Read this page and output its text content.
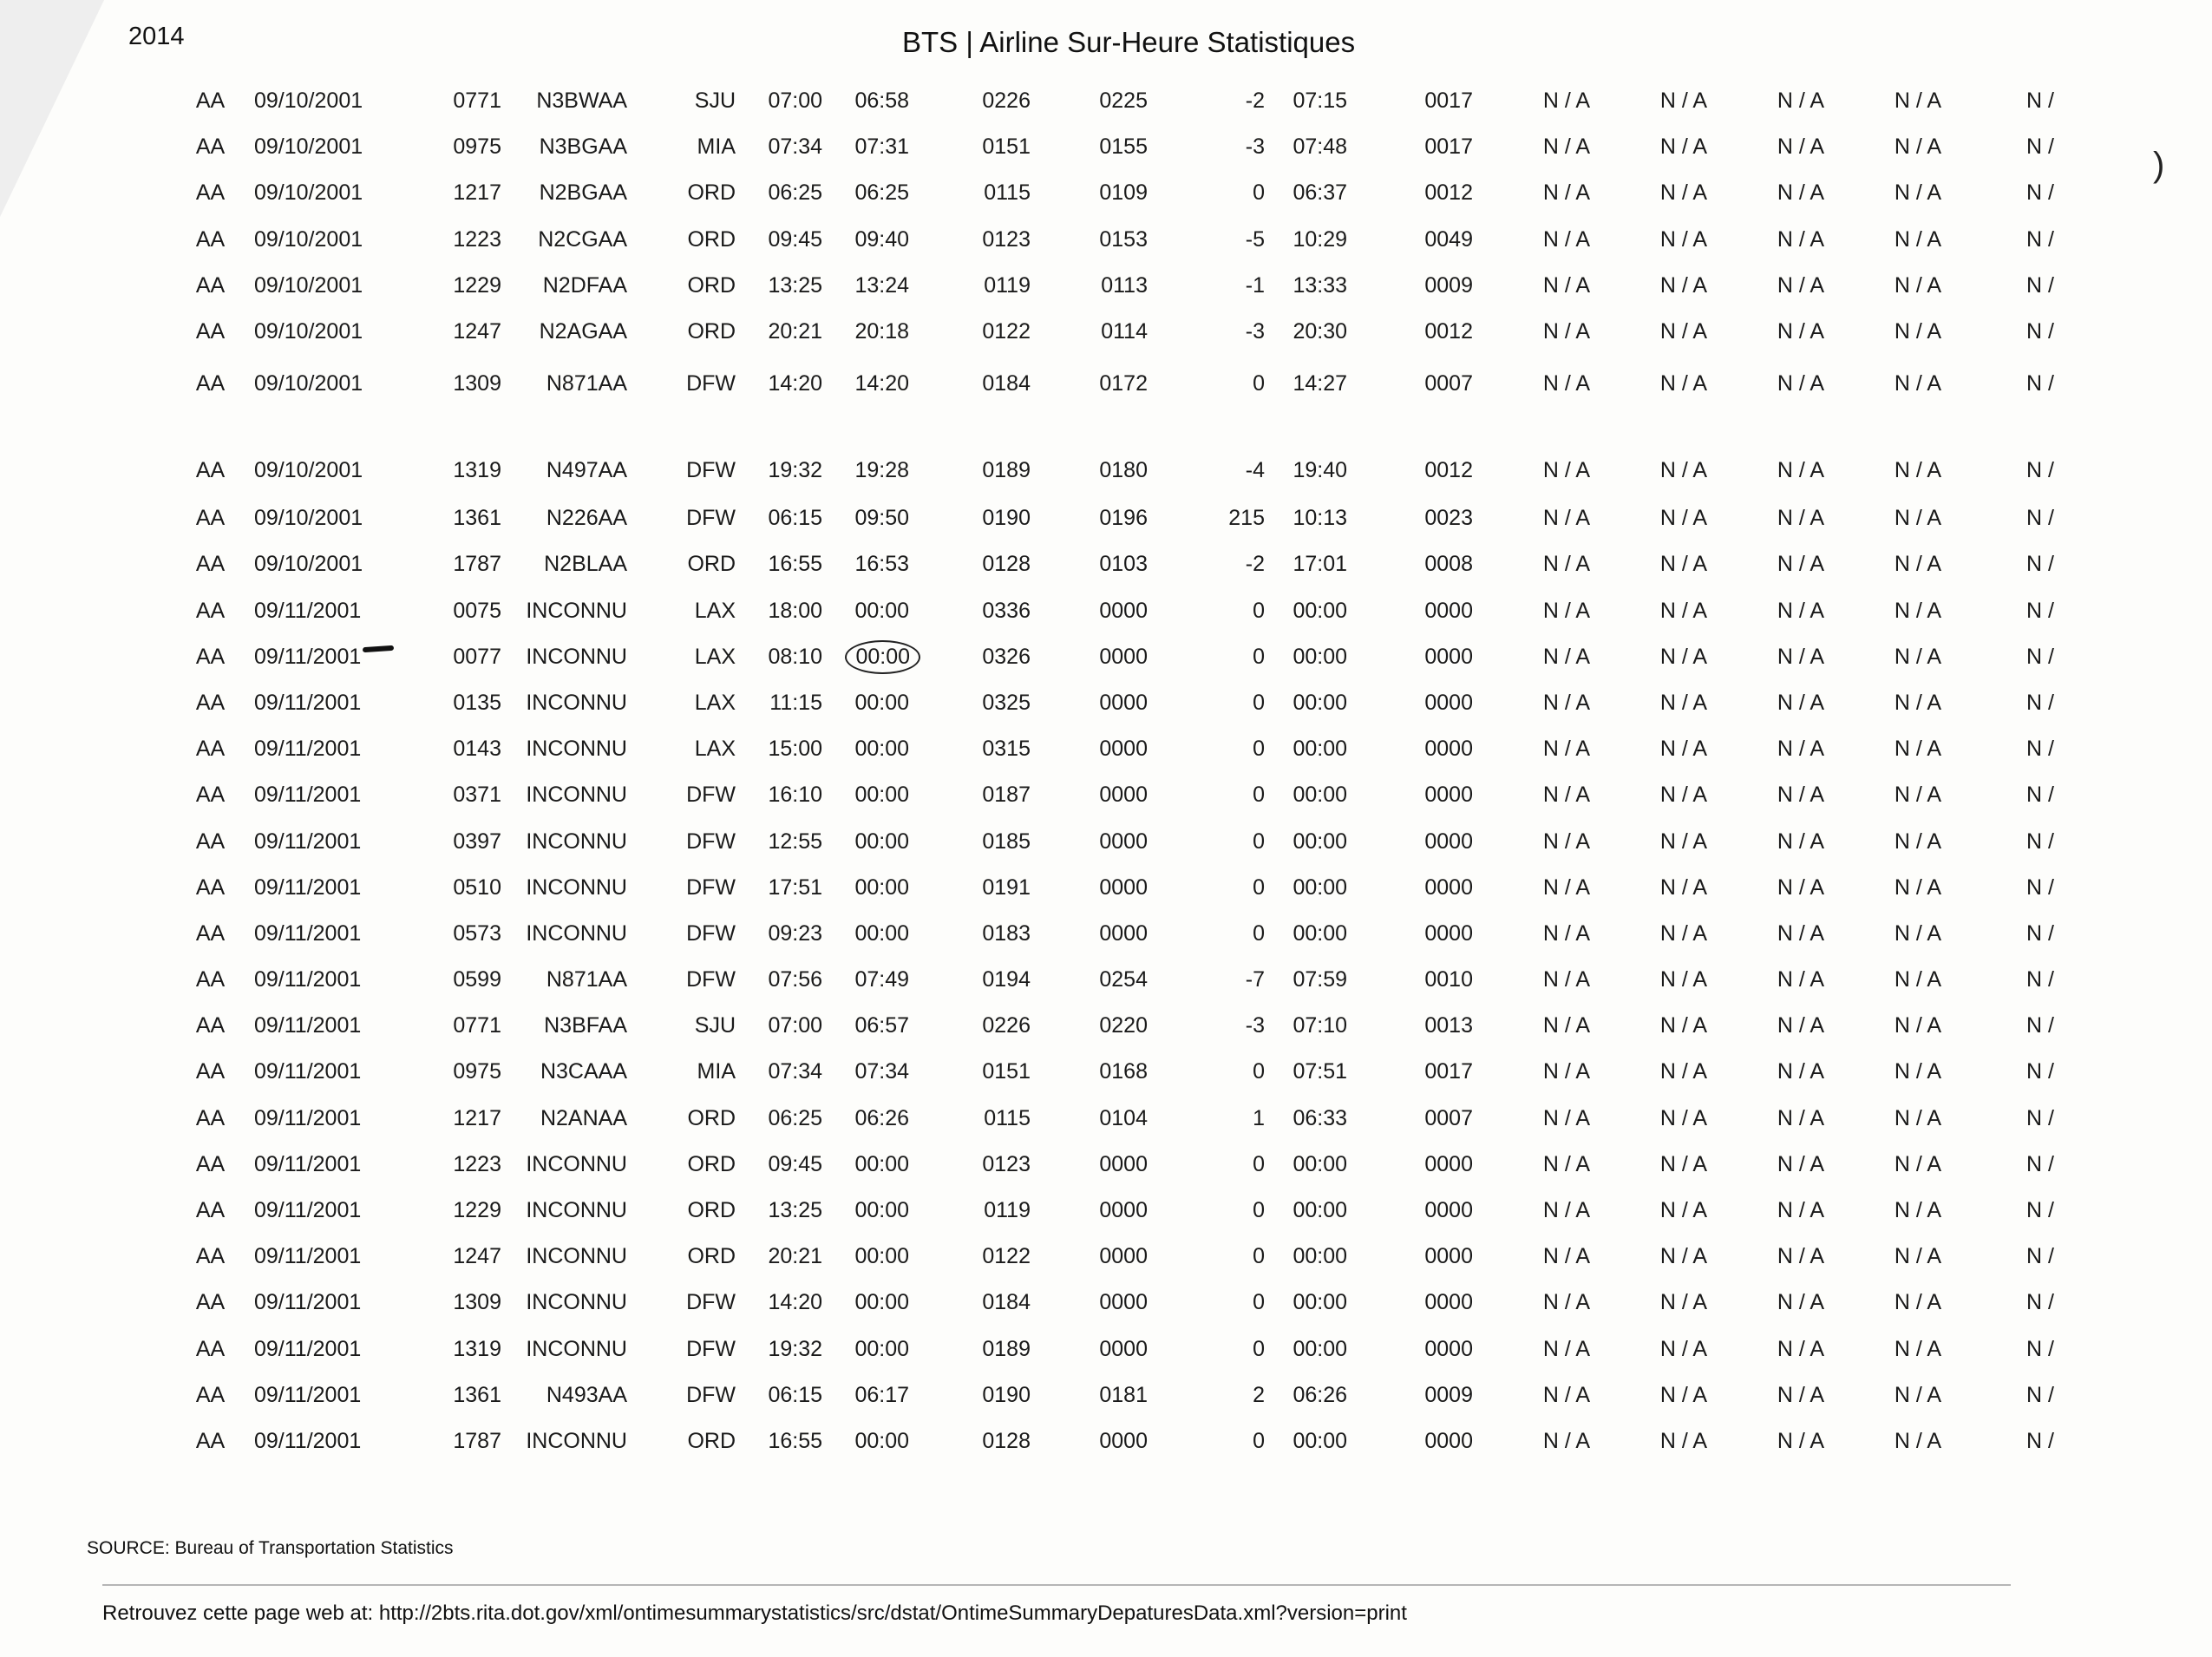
2014	BTS | Airline Sur-Heure Statistiques
)
AA	09/10/2001	0771	N3BWAA	SJU	07:00	06:58	0226	0225	-2	07:15	0017	N / A	N / A	N / A	N / A	N /
AA	09/10/2001	0975	N3BGAA	MIA	07:34	07:31	0151	0155	-3	07:48	0017	N / A	N / A	N / A	N / A	N /
AA	09/10/2001	1217	N2BGAA	ORD	06:25	06:25	0115	0109	0	06:37	0012	N / A	N / A	N / A	N / A	N /
AA	09/10/2001	1223	N2CGAA	ORD	09:45	09:40	0123	0153	-5	10:29	0049	N / A	N / A	N / A	N / A	N /
AA	09/10/2001	1229	N2DFAA	ORD	13:25	13:24	0119	0113	-1	13:33	0009	N / A	N / A	N / A	N / A	N /
AA	09/10/2001	1247	N2AGAA	ORD	20:21	20:18	0122	0114	-3	20:30	0012	N / A	N / A	N / A	N / A	N /
AA	09/10/2001	1309	N871AA	DFW	14:20	14:20	0184	0172	0	14:27	0007	N / A	N / A	N / A	N / A	N /
AA	09/10/2001	1319	N497AA	DFW	19:32	19:28	0189	0180	-4	19:40	0012	N / A	N / A	N / A	N / A	N /
AA	09/10/2001	1361	N226AA	DFW	06:15	09:50	0190	0196	215	10:13	0023	N / A	N / A	N / A	N / A	N /
AA	09/10/2001	1787	N2BLAA	ORD	16:55	16:53	0128	0103	-2	17:01	0008	N / A	N / A	N / A	N / A	N /
AA	09/11/2001	0075	INCONNU	LAX	18:00	00:00	0336	0000	0	00:00	0000	N / A	N / A	N / A	N / A	N /
AA	09/11/2001	0077	INCONNU	LAX	08:10	00:00	0326	0000	0	00:00	0000	N / A	N / A	N / A	N / A	N /
AA	09/11/2001	0135	INCONNU	LAX	11:15	00:00	0325	0000	0	00:00	0000	N / A	N / A	N / A	N / A	N /
AA	09/11/2001	0143	INCONNU	LAX	15:00	00:00	0315	0000	0	00:00	0000	N / A	N / A	N / A	N / A	N /
AA	09/11/2001	0371	INCONNU	DFW	16:10	00:00	0187	0000	0	00:00	0000	N / A	N / A	N / A	N / A	N /
AA	09/11/2001	0397	INCONNU	DFW	12:55	00:00	0185	0000	0	00:00	0000	N / A	N / A	N / A	N / A	N /
AA	09/11/2001	0510	INCONNU	DFW	17:51	00:00	0191	0000	0	00:00	0000	N / A	N / A	N / A	N / A	N /
AA	09/11/2001	0573	INCONNU	DFW	09:23	00:00	0183	0000	0	00:00	0000	N / A	N / A	N / A	N / A	N /
AA	09/11/2001	0599	N871AA	DFW	07:56	07:49	0194	0254	-7	07:59	0010	N / A	N / A	N / A	N / A	N /
AA	09/11/2001	0771	N3BFAA	SJU	07:00	06:57	0226	0220	-3	07:10	0013	N / A	N / A	N / A	N / A	N /
AA	09/11/2001	0975	N3CAAA	MIA	07:34	07:34	0151	0168	0	07:51	0017	N / A	N / A	N / A	N / A	N /
AA	09/11/2001	1217	N2ANAA	ORD	06:25	06:26	0115	0104	1	06:33	0007	N / A	N / A	N / A	N / A	N /
AA	09/11/2001	1223	INCONNU	ORD	09:45	00:00	0123	0000	0	00:00	0000	N / A	N / A	N / A	N / A	N /
AA	09/11/2001	1229	INCONNU	ORD	13:25	00:00	0119	0000	0	00:00	0000	N / A	N / A	N / A	N / A	N /
AA	09/11/2001	1247	INCONNU	ORD	20:21	00:00	0122	0000	0	00:00	0000	N / A	N / A	N / A	N / A	N /
AA	09/11/2001	1309	INCONNU	DFW	14:20	00:00	0184	0000	0	00:00	0000	N / A	N / A	N / A	N / A	N /
AA	09/11/2001	1319	INCONNU	DFW	19:32	00:00	0189	0000	0	00:00	0000	N / A	N / A	N / A	N / A	N /
AA	09/11/2001	1361	N493AA	DFW	06:15	06:17	0190	0181	2	06:26	0009	N / A	N / A	N / A	N / A	N /
AA	09/11/2001	1787	INCONNU	ORD	16:55	00:00	0128	0000	0	00:00	0000	N / A	N / A	N / A	N / A	N /
SOURCE: Bureau of Transportation Statistics
Retrouvez cette page web at: http://2bts.rita.dot.gov/xml/ontimesummarystatistics/src/dstat/OntimeSummaryDepaturesData.xml?version=print
